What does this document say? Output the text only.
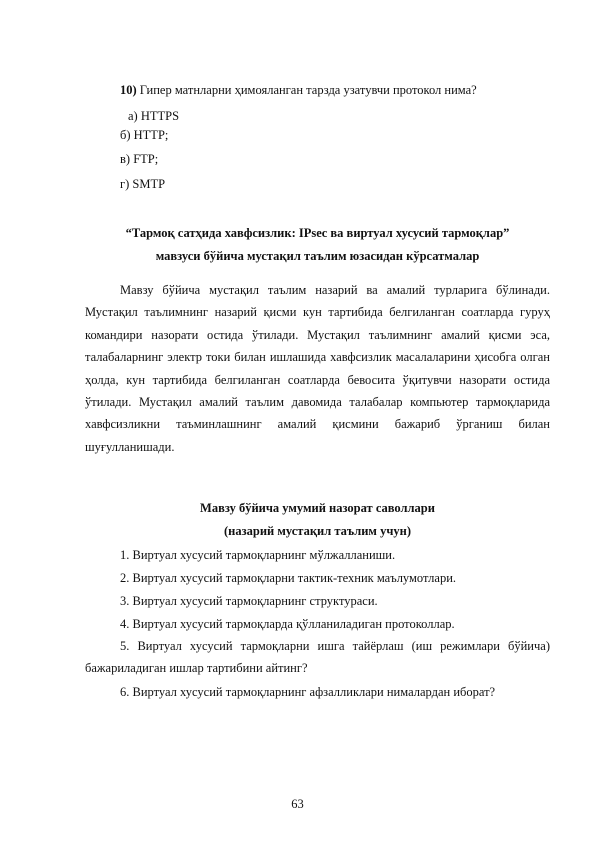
10) Гипер матнларни ҳимояланган тарзда узатувчи протокол нима?
a) HTTPS
б) HTTP;
в) FTP;
г) SMTP
“Тармоқ сатҳида хавфсизлик: IPsec ва виртуал хусусий тармоқлар”
мавзуси бўйича мустақил таълим юзасидан кўрсатмалар
Мавзу бўйича мустақил таълим назарий ва амалий турларига бўлинади. Мустақил таълимнинг назарий қисми кун тартибида белгиланган соатларда гуруҳ командири назорати остида ўтилади. Мустақил таълимнинг амалий қисми эса, талабаларнинг электр токи билан ишлашида хавфсизлик масалаларини ҳисобга олган ҳолда, кун тартибида белгиланган соатларда бевосита ўқитувчи назорати остида ўтилади. Мустақил амалий таълим давомида талабалар компьютер тармоқларида хавфсизликни таъминлашнинг амалий қисмини бажариб ўрганиш билан шуғулланишади.
Мавзу бўйича умумий назорат саволлари
(назарий мустақил таълим учун)
1. Виртуал хусусий тармоқларнинг мўлжалланиши.
2. Виртуал хусусий тармоқларни тактик-техник маълумотлари.
3. Виртуал хусусий тармоқларнинг структураси.
4. Виртуал хусусий тармоқларда қўлланиладиган протоколлар.
5. Виртуал хусусий тармоқларни ишга тайёрлаш (иш режимлари бўйича) бажариладиган ишлар тартибини айтинг?
6. Виртуал хусусий тармоқларнинг афзалликлари нималардан иборат?
63
